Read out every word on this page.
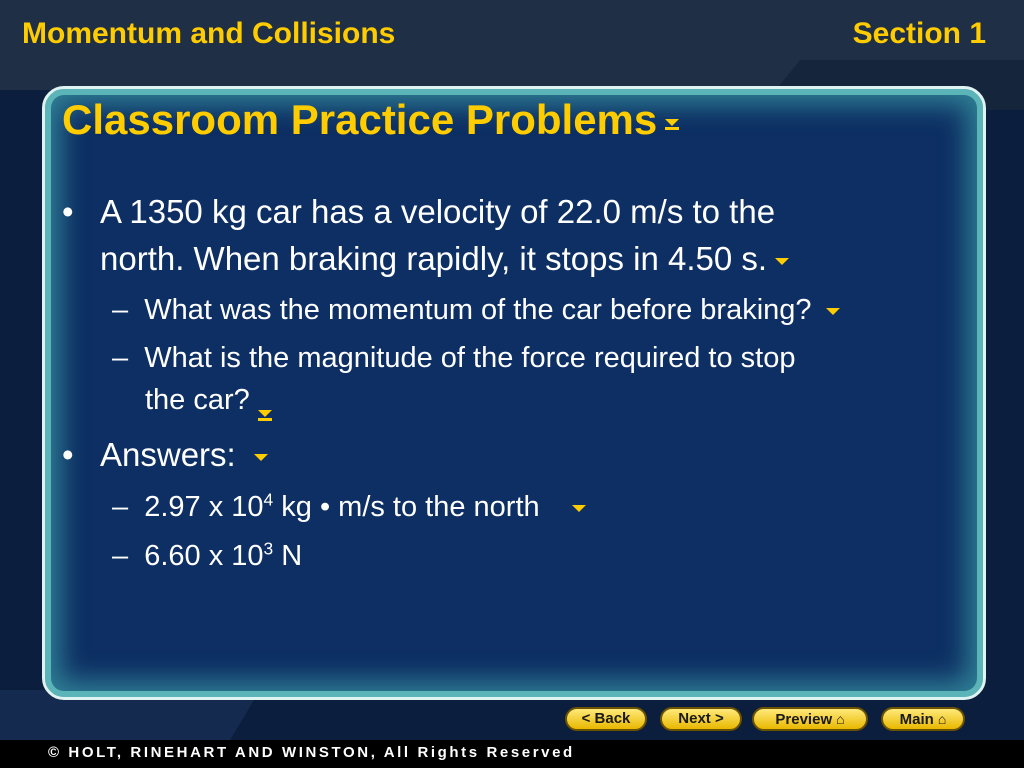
Momentum and Collisions	Section 1
Classroom Practice Problems
• A 1350 kg car has a velocity of 22.0 m/s to the
north. When braking rapidly, it stops in 4.50 s.
– What was the momentum of the car before braking?
– What is the magnitude of the force required to stop
the car?
• Answers:
– 2.97 x $10^4$ kg • m/s to the north
– 6.60 x $10^3$ N
© HOLT, RINEHART AND WINSTON, All Rights Reserved
< Back	Next >	Preview ⌂	Main ⌂
